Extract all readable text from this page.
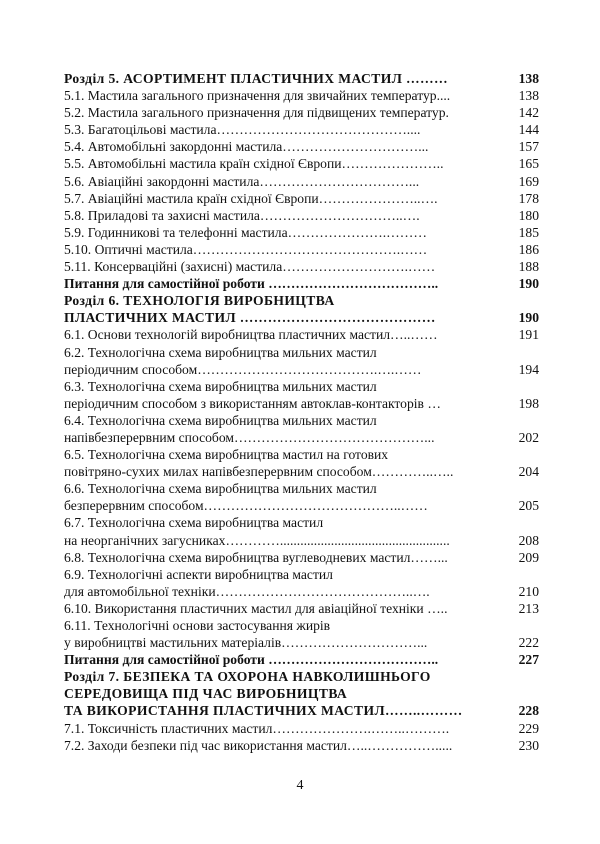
Розділ 5. АСОРТИМЕНТ ПЛАСТИЧНИХ МАСТИЛ ………	138
5.1. Мастила загального призначення для звичайних температур....	138
5.2. Мастила загального призначення для підвищених температур.	142
5.3. Багатоцільові мастила……………………………………....	144
5.4. Автомобільні закордонні мастила…………………………...	157
5.5. Автомобільні мастила країн східної Європи…………………..	165
5.6. Авіаційні закордонні мастила……………………………...	169
5.7. Авіаційні мастила країн східної Європи…………………..….	178
5.8. Приладові та захисні мастила…………………………..….	180
5.9. Годинникові та телефонні мастила………………….………	185
5.10. Оптичні мастила……………………………………….……	186
5.11. Консерваційні (захисні) мастила……………………….……	188
Питання для самостійної роботи ………………………………..	190
Розділ 6. ТЕХНОЛОГІЯ ВИРОБНИЦТВА
ПЛАСТИЧНИХ МАСТИЛ ……………………………………	190
6.1. Основи технологій виробництва пластичних мастил…..……	191
6.2. Технологічна схема виробництва мильних мастил
періодичним способом………………………………….….……	194
6.3. Технологічна схема виробництва мильних мастил
періодичним способом з використанням автоклав-контакторів …	198
6.4. Технологічна схема виробництва мильних мастил
напівбезперервним способом……………………………………...	202
6.5. Технологічна схема виробництва мастил на готових
повітряно-сухих милах напівбезперервним способом…………..…..	204
6.6. Технологічна схема виробництва мильних мастил
безперервним способом……………………………………..……	205
6.7. Технологічна схема виробництва мастил
на неорганічних загусниках…………..................................................	208
6.8. Технологічна схема виробництва вуглеводневих мастил……...	209
6.9. Технологічні аспекти виробництва мастил
для автомобільної техніки……………………………………..….	210
6.10. Використання пластичних мастил для авіаційної техніки …..	213
6.11. Технологічні основи застосування жирів
у виробництві мастильних матеріалів…………………………...	222
Питання для самостійної роботи ………………………………..	227
Розділ 7. БЕЗПЕКА ТА ОХОРОНА НАВКОЛИШНЬОГО
СЕРЕДОВИЩА ПІД ЧАС ВИРОБНИЦТВА
ТА ВИКОРИСТАННЯ ПЛАСТИЧНИХ МАСТИЛ……..………	228
7.1. Токсичність пластичних мастил………………….……..……….	229
7.2. Заходи безпеки під час використання мастил…..…………….....	230
4
